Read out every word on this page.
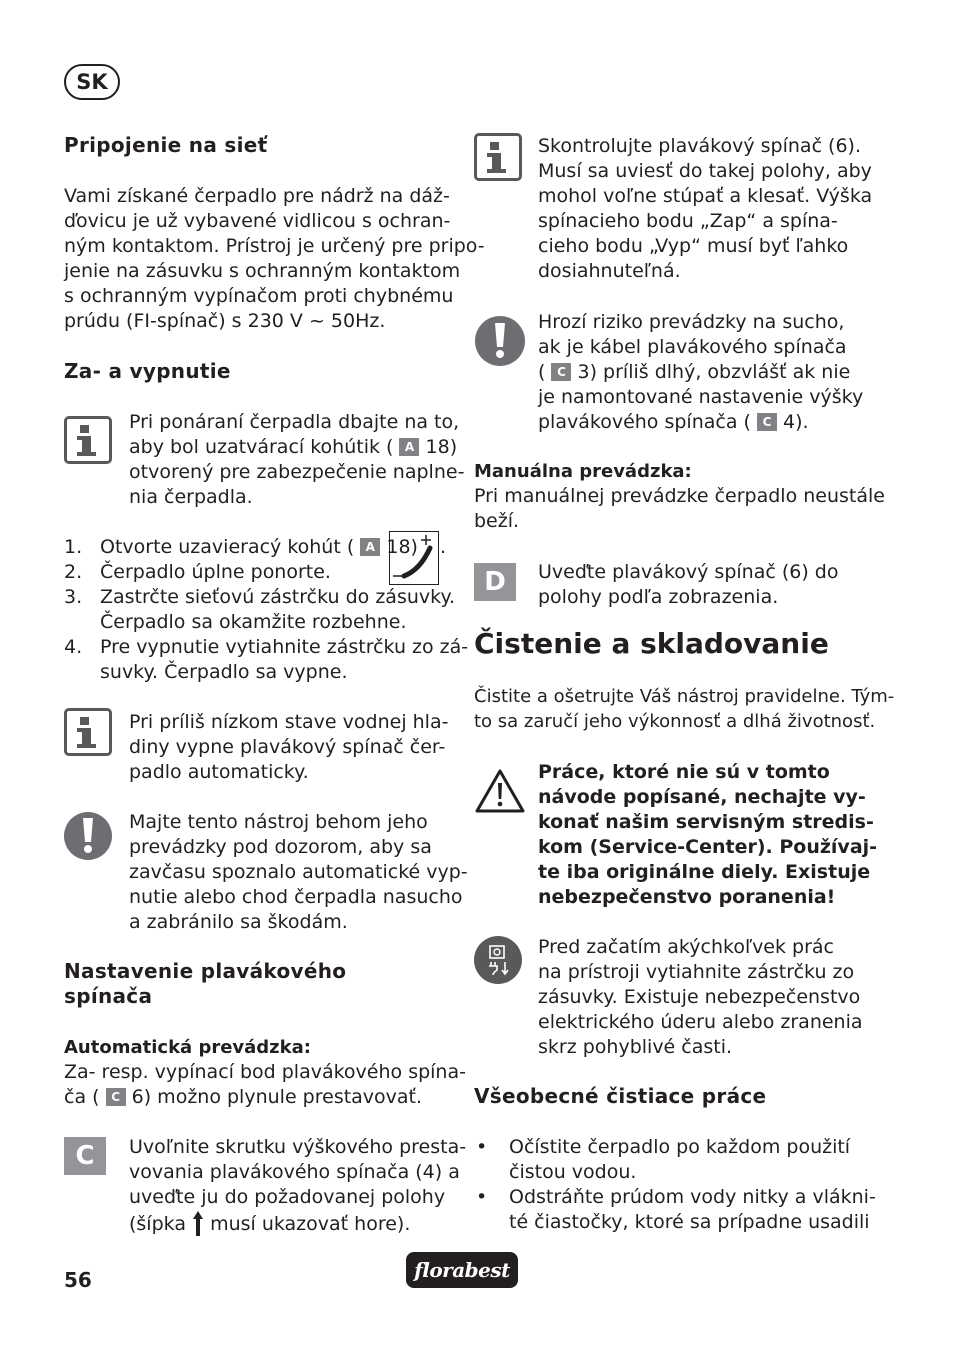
SK
Pripojenie na sieť
Vami získané čerpadlo pre nádrž na dáž-
ďovicu je už vybavené vidlicou s ochran-
ným kontaktom. Prístroj je určený pre pripo-
jenie na zásuvku s ochranným kontaktom
s ochranným vypínačom proti chybnému
prúdu (FI-spínač) s 230 V ~ 50Hz.
Za- a vypnutie
Pri ponáraní čerpadla dbajte na to,
aby bol uzatvárací kohútik ( A 18)
otvorený pre zabezpečenie naplne-
nia čerpadla.
1. Otvorte uzavieracý kohút ( A 18) .
2. Čerpadlo úplne ponorte.
3. Zastrčte sieťovú zástrčku do zásuvky.
Čerpadlo sa okamžite rozbehne.
4. Pre vypnutie vytiahnite zástrčku zo zá-
suvky. Čerpadlo sa vypne.
Pri príliš nízkom stave vodnej hla-
diny vypne plavákový spínač čer-
padlo automaticky.
Majte tento nástroj behom jeho
prevádzky pod dozorom, aby sa
zavčasu spoznalo automatické vyp-
nutie alebo chod čerpadla nasucho
a zabránilo sa škodám.
Nastavenie plavákového
spínača
Automatická prevádzka:
Za- resp. vypínací bod plavákového spína-
ča ( C 6) možno plynule prestavovať.
C	Uvoľnite skrutku výškového presta-
vovania plavákového spínača (4) a
uveďte ju do požadovanej polohy
(šípka musí ukazovať hore).
Skontrolujte plavákový spínač (6).
Musí sa uviesť do takej polohy, aby
mohol voľne stúpať a klesať. Výška
spínacieho bodu „Zap“ a spína-
cieho bodu „Vyp“ musí byť ľahko
dosiahnuteľná.
Hrozí riziko prevádzky na sucho,
ak je kábel plavákového spínača
( C 3) príliš dlhý, obzvlášť ak nie
je namontované nastavenie výšky
plavákového spínača ( C 4).
Manuálna prevádzka:
Pri manuálnej prevádzke čerpadlo neustále
beží.
D	Uveďte plavákový spínač (6) do
polohy podľa zobrazenia.
Čistenie a skladovanie
Čistite a ošetrujte Váš nástroj pravidelne. Tým-
to sa zaručí jeho výkonnosť a dlhá životnosť.
Práce, ktoré nie sú v tomto
návode popísané, nechajte vy-
konať našim servisným stredis-
kom (Service-Center). Používaj-
te iba originálne diely. Existuje
nebezpečenstvo poranenia!
Pred začatím akýchkoľvek prác
na prístroji vytiahnite zástrčku zo
zásuvky. Existuje nebezpečenstvo
elektrického úderu alebo zranenia
skrz pohyblivé časti.
Všeobecné čistiace práce
• Očístite čerpadlo po každom použití
čistou vodou.
• Odstráňte prúdom vody nitky a vlákni-
té čiastočky, ktoré sa prípadne usadili
56	florabest
